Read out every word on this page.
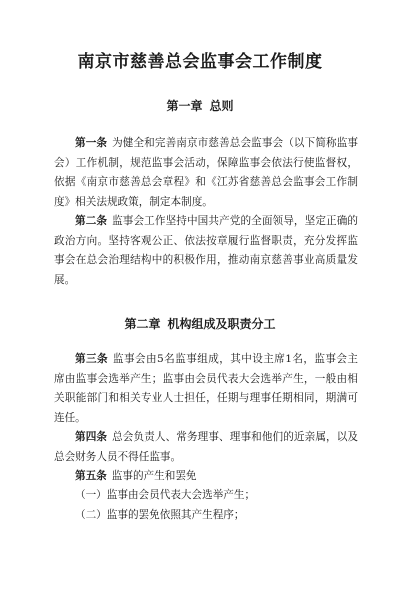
南京市慈善总会监事会工作制度
第一章 总则

第一条 为健全和完善南京市慈善总会监事会（以下简称监事会）工作机制，规范监事会活动，保障监事会依法行使监督权，依据《南京市慈善总会章程》和《江苏省慈善总会监事会工作制度》相关法规政策，制定本制度。

第二条 监事会工作坚持中国共产党的全面领导，坚定正确的政治方向。坚持客观公正、依法按章履行监督职责，充分发挥监事会在总会治理结构中的积极作用，推动南京慈善事业高质量发展。

第二章 机构组成及职责分工

第三条 监事会由5名监事组成，其中设主席1名，监事会主席由监事会选举产生；监事由会员代表大会选举产生，一般由相关职能部门和相关专业人士担任，任期与理事任期相同，期满可连任。

第四条 总会负责人、常务理事、理事和他们的近亲属，以及总会财务人员不得任监事。

第五条 监事的产生和罢免

（一）监事由会员代表大会选举产生；

（二）监事的罢免依照其产生程序；
